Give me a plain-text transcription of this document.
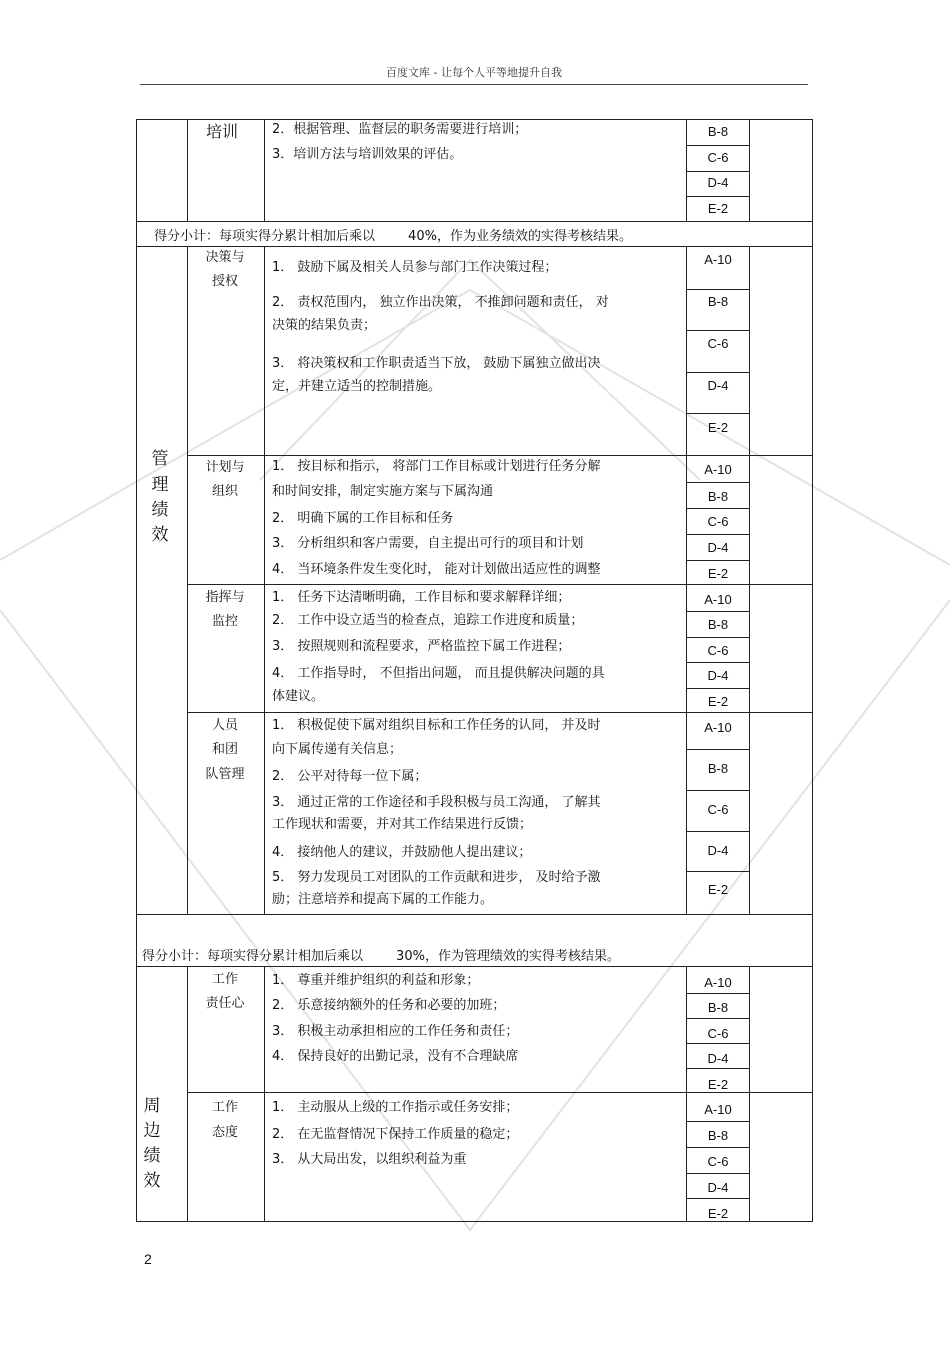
百度文库 - 让每个人平等地提升自我
培训	2．根据管理、监督层的职务需要进行培训；
3．培训方法与培训效果的评估。
B-8
C-6
D-4
E-2
得分小计：每项实得分累计相加后乘以        40%，作为业务绩效的实得考核结果。
管
理
绩
效
决策与
授权
1． 鼓励下属及相关人员参与部门工作决策过程；
2． 责权范围内， 独立作出决策， 不推卸问题和责任， 对
决策的结果负责；
3． 将决策权和工作职责适当下放， 鼓励下属独立做出决
定，并建立适当的控制措施。
A-10
B-8
C-6
D-4
E-2
计划与
组织
1． 按目标和指示， 将部门工作目标或计划进行任务分解
和时间安排，制定实施方案与下属沟通
2． 明确下属的工作目标和任务
3． 分析组织和客户需要，自主提出可行的项目和计划
4． 当环境条件发生变化时， 能对计划做出适应性的调整
A-10
B-8
C-6
D-4
E-2
指挥与
监控
1． 任务下达清晰明确，工作目标和要求解释详细；
2． 工作中设立适当的检查点，追踪工作进度和质量；
3． 按照规则和流程要求，严格监控下属工作进程；
4． 工作指导时， 不但指出问题， 而且提供解决问题的具
体建议。
A-10
B-8
C-6
D-4
E-2
人员
和团
队管理
1． 积极促使下属对组织目标和工作任务的认同， 并及时
向下属传递有关信息；
2． 公平对待每一位下属；
3． 通过正常的工作途径和手段积极与员工沟通， 了解其
工作现状和需要，并对其工作结果进行反馈；
4． 接纳他人的建议，并鼓励他人提出建议；
5． 努力发现员工对团队的工作贡献和进步， 及时给予激
励；注意培养和提高下属的工作能力。
A-10
B-8
C-6
D-4
E-2
得分小计：每项实得分累计相加后乘以        30%，作为管理绩效的实得考核结果。
周
边
绩
效
工作
责任心
1． 尊重并维护组织的利益和形象；
2． 乐意接纳额外的任务和必要的加班；
3． 积极主动承担相应的工作任务和责任；
4． 保持良好的出勤记录，没有不合理缺席
A-10
B-8
C-6
D-4
E-2
工作
态度
1． 主动服从上级的工作指示或任务安排；
2． 在无监督情况下保持工作质量的稳定；
3． 从大局出发，以组织利益为重
A-10
B-8
C-6
D-4
E-2
2
